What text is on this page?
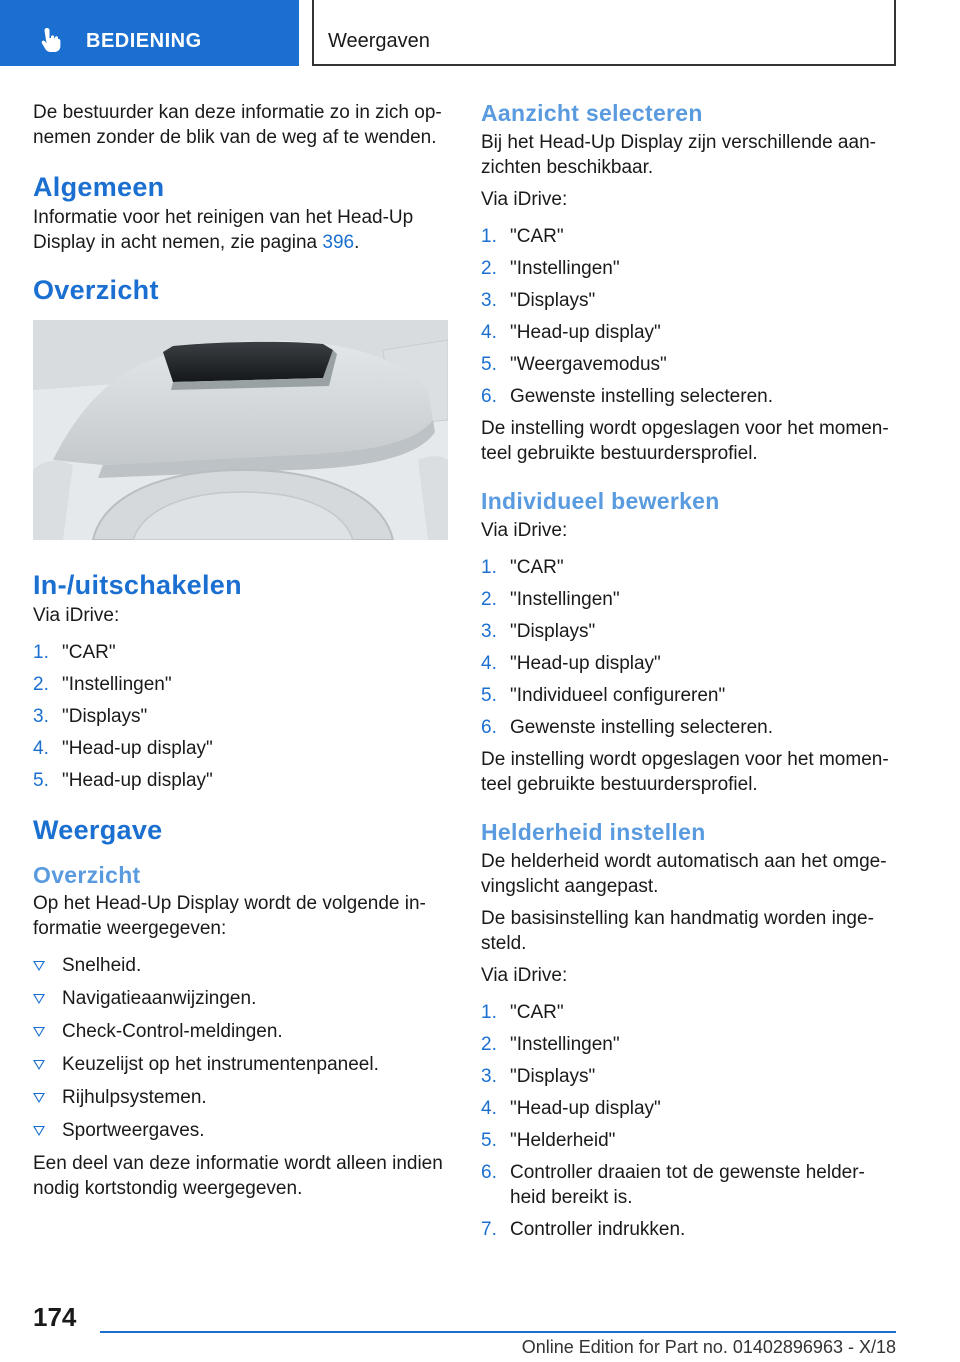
BEDIENING	Weergaven

De bestuurder kan deze informatie zo in zich op-nemen zonder de blik van de weg af te wenden.

Algemeen

Informatie voor het reinigen van het Head-Up Display in acht nemen, zie pagina 396.

Overzicht
In-/uitschakelen

Via iDrive:

1. "CAR"
2. "Instellingen"
3. "Displays"
4. "Head-up display"
5. "Head-up display"
Weergave
Overzicht

Op het Head-Up Display wordt de volgende in-formatie weergegeven:

Snelheid.
Navigatieaanwijzingen.
Check-Control-meldingen.
Keuzelijst op het instrumentenpaneel.
Rijhulpsystemen.
Sportweergaves.

Een deel van deze informatie wordt alleen indien nodig kortstondig weergegeven.

Aanzicht selecteren

Bij het Head-Up Display zijn verschillende aan-zichten beschikbaar.

Via iDrive:

1. "CAR"
2. "Instellingen"
3. "Displays"
4. "Head-up display"
5. "Weergavemodus"
6. Gewenste instelling selecteren.

De instelling wordt opgeslagen voor het momen-teel gebruikte bestuurdersprofiel.

Individueel bewerken

Via iDrive:

1. "CAR"
2. "Instellingen"
3. "Displays"
4. "Head-up display"
5. "Individueel configureren"
6. Gewenste instelling selecteren.

De instelling wordt opgeslagen voor het momen-teel gebruikte bestuurdersprofiel.

Helderheid instellen

De helderheid wordt automatisch aan het omge-vingslicht aangepast.

De basisinstelling kan handmatig worden inge-steld.

Via iDrive:

1. "CAR"
2. "Instellingen"
3. "Displays"
4. "Head-up display"
5. "Helderheid"
6. Controller draaien tot de gewenste helder-heid bereikt is.
7. Controller indrukken.
174
Online Edition for Part no. 01402896963 - X/18
